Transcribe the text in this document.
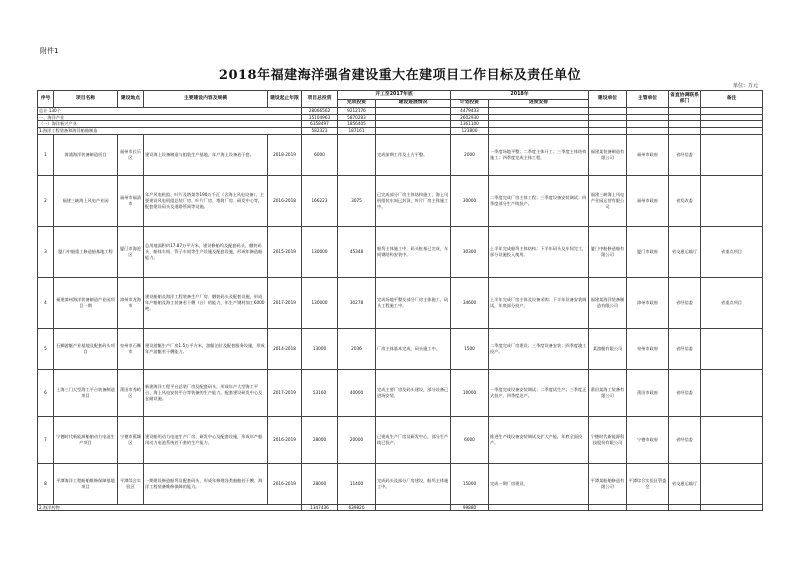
附件1
2018年福建海洋强省建设重大在建项目工作目标及责任单位
单位：万元
序号	项目名称	建设地点	主要建设内容及规模	建设起止年限	项目总投资	开工至2017年底		2018年		建设单位	主管单位	省直协调联系部门	备注
						完成投资	建设进展情况	计划投资	进度安排				
总计 130个					28066562	9212176		4479433					
一、海洋产业					15104963	5870283		2602930					
（一）海洋新兴产业					6358497	1856405		1361100					
1.海洋工程装备和海洋船舶制造					582323	187161		123800					
1	漳浦海洋装备制造项目	福州市长乐区	建设海上设备制造与组装生产基地，年产海上设备若干套。	2018-2019	6000		完成前期工作及土方平整。	2000	一季度场地平整；二季度主体开工；三季度主体结构施工；四季度完成主体工程。	福建某装备制造有限公司	福州市政府	省经信委	
2	福建三峡海上风电产业园	福州市福清市	年产风电机组、叶片及塔架等190万千瓦（含海上风电设备），主要建设风电机组总装厂房、叶片厂房、塔筒厂房、研发中心等，配套建设码头及道路管网等设施。	2016-2018	166223	3075	已完成部分厂房主体结构施工，海上风机组装车间已封顶，叶片厂房主体施工中。	30000	二季度完成厂房主体工程；三季度设备安装调试；四季度部分生产线投产。	福建三峡海上风电产业园运营有限公司	福州市政府	省发改委	
3	厦门中船重工修造船基地工程	厦门市海沧区	总用地面积约17.87万平方米，建设修船坞及配套码头、舾装码头、船体车间、管子车间等生产设施及配套设施，形成年修造船能力。	2015-2019	130000	45348	船坞主体施工中，码头桩基已完成，车间钢结构安装中。	30300	上半年完成船坞主体结构；下半年码头及车间完工，部分设施投入使用。	厦门中船修造船有限公司	厦门市政府	省交通运输厅	省重点项目
4	福建漳州海洋装备制造产业园项目一期	漳州市龙海市	建设船舶及海洋工程装备生产厂房、舾装码头及配套设施，形成年产船舶及海工装备若干艘（台）的能力，年生产钢材加工6000吨。	2017-2019	130000	30278	完成场地平整及部分厂房主体施工，码头工程施工中。	34600	上半年完成厂房主体及设备采购；下半年设备安装调试，年底部分投产。	福建某海洋装备制造有限公司	漳州市政府	省经信委	省重点项目
5	石狮游艇产业基地及配套码头项目	泉州市石狮市	建设游艇生产厂房1.5万平方米，游艇泊位及配套服务设施，形成年产游艇若干艘能力。	2014-2018	13000	2036	厂房主体基本完成，码头施工中。	1500	二季度完成厂房建设；三季度设备安装；四季度竣工投产。	某游艇有限公司	泉州市政府	省经信委	
6	上海三门大型海工平台装备制造项目	莆田市秀屿区	新建海洋工程平台总装厂房及配套码头，形成年产大型海工平台、海上风电安装平台等装备的生产能力，配套建设研发中心及仓储设施。	2017-2019	53160	40000	完成主要厂房及码头建设，部分设备已进场安装。	10000	一季度完成设备安装调试；二季度试生产；三季度正式投产，四季度达产。	莆田某海工装备有限公司	莆田市政府	省经信委	
7	宁德时代新能源船舶动力电池生产项目	宁德市蕉城区	建设船用动力电池生产厂房、研发中心及配套设施，形成年产船用动力电池系统若干套的生产能力。	2016-2019	28000	20000	已建成生产厂房及研发中心，部分生产线已投产。	6000	推进生产线设备安装调试及扩大产能，年底全面投产。	宁德时代新能源科技股份有限公司	宁德市政府	省经信委	
8	平潭海洋工程船舶维修保障基地项目	平潭综合实验区	一期建设修造船坞及配套码头，形成年修理各类船舶若干艘、海洋工程装备维修保障的能力。	2016-2019	28000	11400	完成码头及部分厂房建设，船坞主体施工中。	15000	完成一期厂房建设。	平潭某船舶修造有限公司	平潭综合实验区管委会	省交通运输厅	
2.海洋药物					1347436	639820		99880					
